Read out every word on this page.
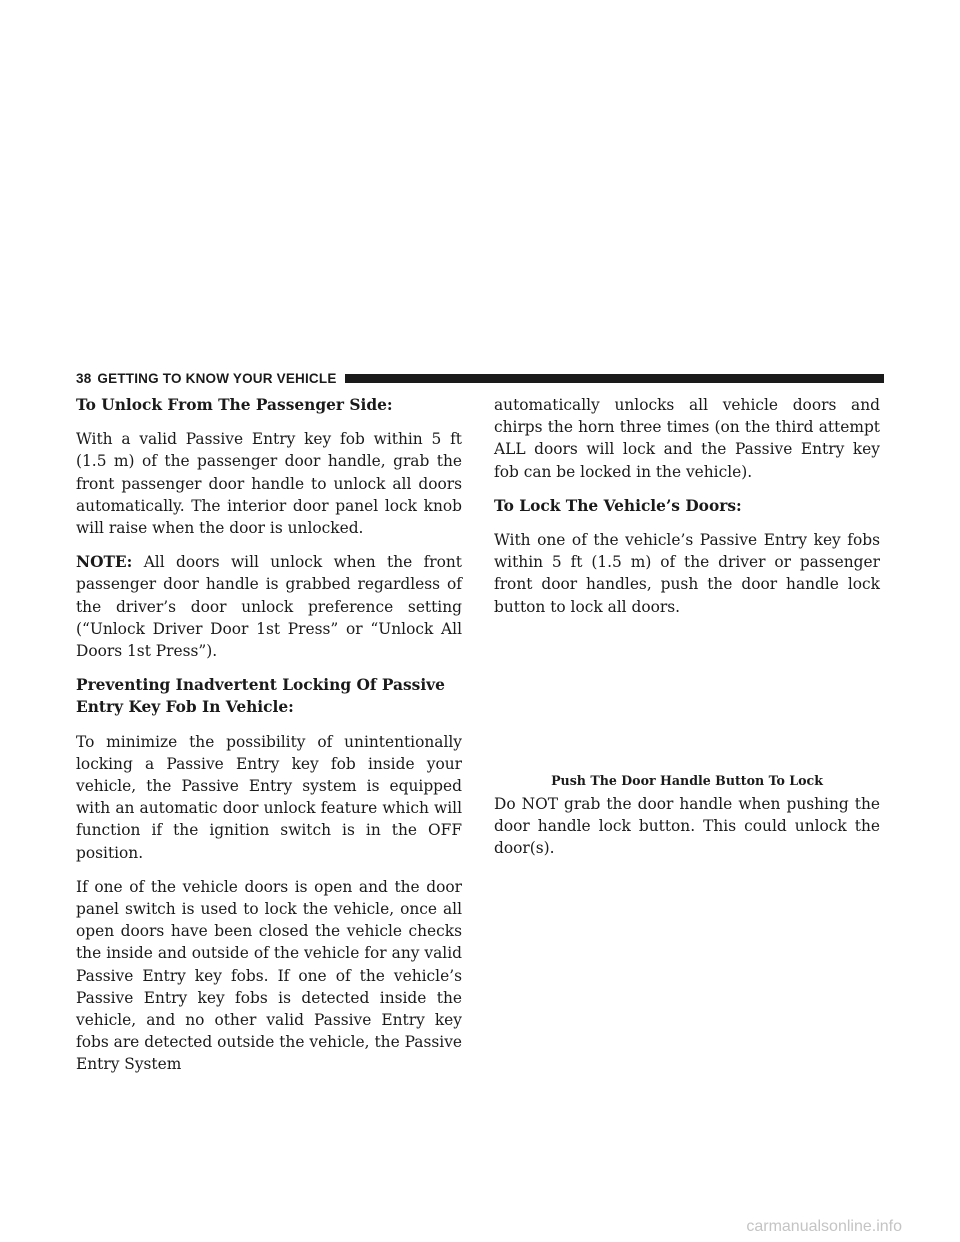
38 GETTING TO KNOW YOUR VEHICLE
To Unlock From The Passenger Side:

With a valid Passive Entry key fob within 5 ft (1.5 m) of the passenger door handle, grab the front passenger door handle to unlock all doors automatically. The interior door panel lock knob will raise when the door is unlocked.

NOTE: All doors will unlock when the front passenger door handle is grabbed regardless of the driver’s door unlock preference setting (“Unlock Driver Door 1st Press” or “Unlock All Doors 1st Press”).

Preventing Inadvertent Locking Of Passive Entry Key Fob In Vehicle:

To minimize the possibility of unintentionally locking a Passive Entry key fob inside your vehicle, the Passive Entry system is equipped with an automatic door unlock feature which will function if the ignition switch is in the OFF position.

If one of the vehicle doors is open and the door panel switch is used to lock the vehicle, once all open doors have been closed the vehicle checks the inside and outside of the vehicle for any valid Passive Entry key fobs. If one of the vehicle’s Passive Entry key fobs is detected inside the vehicle, and no other valid Passive Entry key fobs are detected outside the vehicle, the Passive Entry System

automatically unlocks all vehicle doors and chirps the horn three times (on the third attempt ALL doors will lock and the Passive Entry key fob can be locked in the vehicle).

To Lock The Vehicle’s Doors:

With one of the vehicle’s Passive Entry key fobs within 5 ft (1.5 m) of the driver or passenger front door handles, push the door handle lock button to lock all doors.

Push The Door Handle Button To Lock

Do NOT grab the door handle when pushing the door handle lock button. This could unlock the door(s).

carmanualsonline.info
